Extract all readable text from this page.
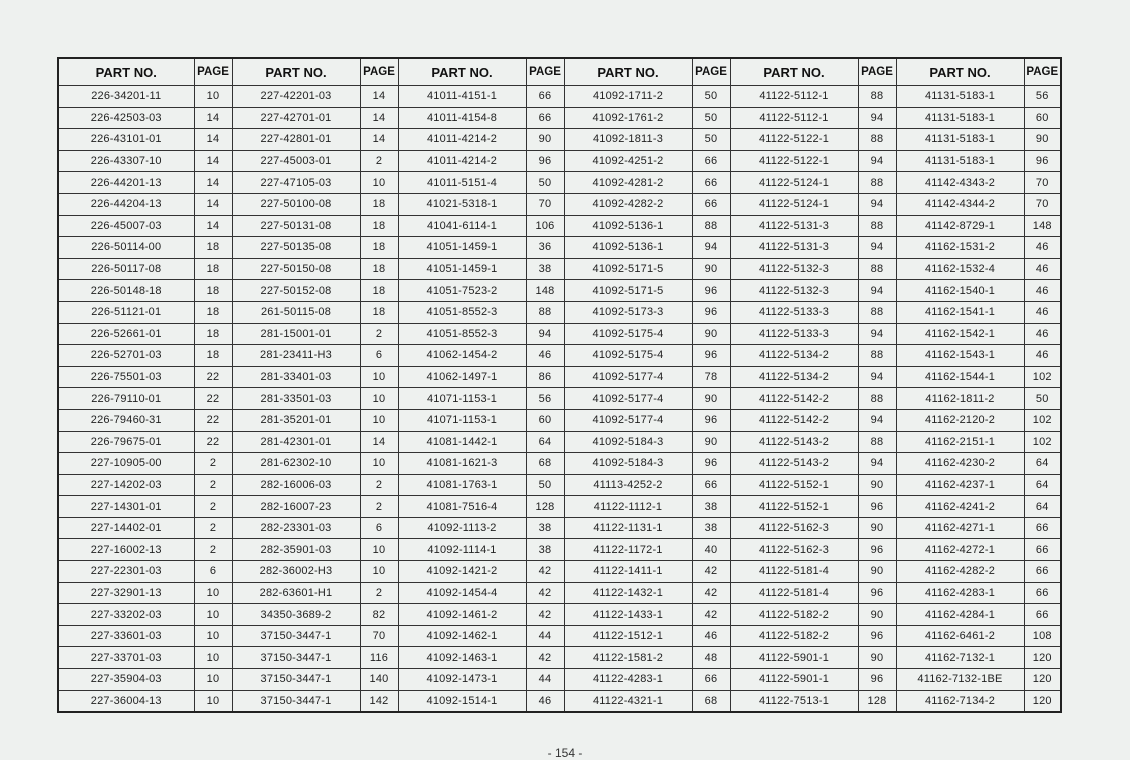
PART NO.	PAGE	PART NO.	PAGE	PART NO.	PAGE	PART NO.	PAGE	PART NO.	PAGE	PART NO.	PAGE
226-34201-11	10	227-42201-03	14	41011-4151-1	66	41092-1711-2	50	41122-5112-1	88	41131-5183-1	56
226-42503-03	14	227-42701-01	14	41011-4154-8	66	41092-1761-2	50	41122-5112-1	94	41131-5183-1	60
226-43101-01	14	227-42801-01	14	41011-4214-2	90	41092-1811-3	50	41122-5122-1	88	41131-5183-1	90
226-43307-10	14	227-45003-01	2	41011-4214-2	96	41092-4251-2	66	41122-5122-1	94	41131-5183-1	96
226-44201-13	14	227-47105-03	10	41011-5151-4	50	41092-4281-2	66	41122-5124-1	88	41142-4343-2	70
226-44204-13	14	227-50100-08	18	41021-5318-1	70	41092-4282-2	66	41122-5124-1	94	41142-4344-2	70
226-45007-03	14	227-50131-08	18	41041-6114-1	106	41092-5136-1	88	41122-5131-3	88	41142-8729-1	148
226-50114-00	18	227-50135-08	18	41051-1459-1	36	41092-5136-1	94	41122-5131-3	94	41162-1531-2	46
226-50117-08	18	227-50150-08	18	41051-1459-1	38	41092-5171-5	90	41122-5132-3	88	41162-1532-4	46
226-50148-18	18	227-50152-08	18	41051-7523-2	148	41092-5171-5	96	41122-5132-3	94	41162-1540-1	46
226-51121-01	18	261-50115-08	18	41051-8552-3	88	41092-5173-3	96	41122-5133-3	88	41162-1541-1	46
226-52661-01	18	281-15001-01	2	41051-8552-3	94	41092-5175-4	90	41122-5133-3	94	41162-1542-1	46
226-52701-03	18	281-23411-H3	6	41062-1454-2	46	41092-5175-4	96	41122-5134-2	88	41162-1543-1	46
226-75501-03	22	281-33401-03	10	41062-1497-1	86	41092-5177-4	78	41122-5134-2	94	41162-1544-1	102
226-79110-01	22	281-33501-03	10	41071-1153-1	56	41092-5177-4	90	41122-5142-2	88	41162-1811-2	50
226-79460-31	22	281-35201-01	10	41071-1153-1	60	41092-5177-4	96	41122-5142-2	94	41162-2120-2	102
226-79675-01	22	281-42301-01	14	41081-1442-1	64	41092-5184-3	90	41122-5143-2	88	41162-2151-1	102
227-10905-00	2	281-62302-10	10	41081-1621-3	68	41092-5184-3	96	41122-5143-2	94	41162-4230-2	64
227-14202-03	2	282-16006-03	2	41081-1763-1	50	41113-4252-2	66	41122-5152-1	90	41162-4237-1	64
227-14301-01	2	282-16007-23	2	41081-7516-4	128	41122-1112-1	38	41122-5152-1	96	41162-4241-2	64
227-14402-01	2	282-23301-03	6	41092-1113-2	38	41122-1131-1	38	41122-5162-3	90	41162-4271-1	66
227-16002-13	2	282-35901-03	10	41092-1114-1	38	41122-1172-1	40	41122-5162-3	96	41162-4272-1	66
227-22301-03	6	282-36002-H3	10	41092-1421-2	42	41122-1411-1	42	41122-5181-4	90	41162-4282-2	66
227-32901-13	10	282-63601-H1	2	41092-1454-4	42	41122-1432-1	42	41122-5181-4	96	41162-4283-1	66
227-33202-03	10	34350-3689-2	82	41092-1461-2	42	41122-1433-1	42	41122-5182-2	90	41162-4284-1	66
227-33601-03	10	37150-3447-1	70	41092-1462-1	44	41122-1512-1	46	41122-5182-2	96	41162-6461-2	108
227-33701-03	10	37150-3447-1	116	41092-1463-1	42	41122-1581-2	48	41122-5901-1	90	41162-7132-1	120
227-35904-03	10	37150-3447-1	140	41092-1473-1	44	41122-4283-1	66	41122-5901-1	96	41162-7132-1BE	120
227-36004-13	10	37150-3447-1	142	41092-1514-1	46	41122-4321-1	68	41122-7513-1	128	41162-7134-2	120
- 154 -
